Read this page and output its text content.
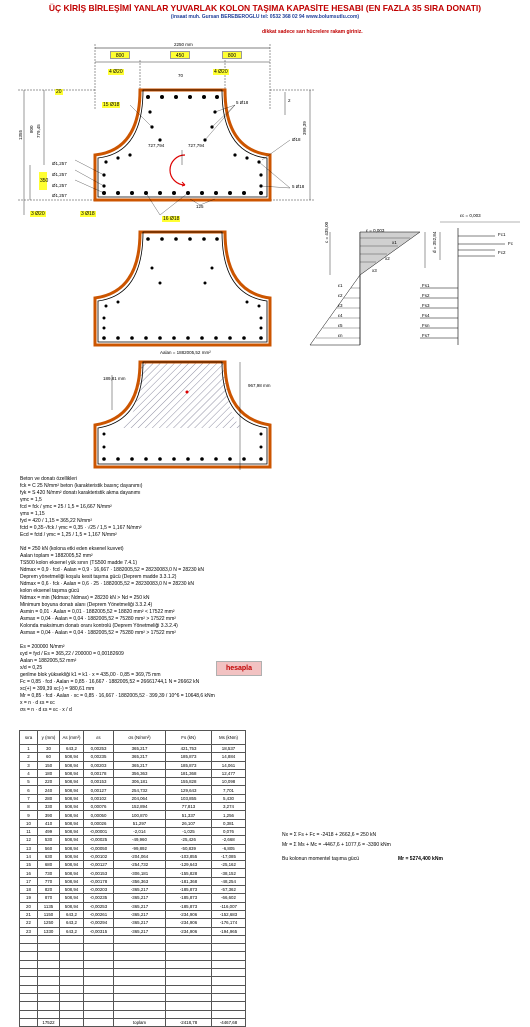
ÜÇ KİRİŞ BİRLEŞİMİ YANLAR YUVARLAK KOLON TAŞIMA KAPASİTE HESABI (EN FAZLA 35 SIRA DONATI)
(insaat muh. Gursan BEREBEROGLU tel: 0532 368 02 94 www.bolumsutlu.com)
dikkat sadece sarı hücrelere rakam giriniz.
2250 mm
800	450	800
4 Ø20	4 Ø20
70
20
15 Ø18	5 Ø18
1355
800 779,45	399,39
2
350
Ø1,257
Ø1,257
Ø1,257
Ø1,257
727,794	727,794
5 Ø18
Ø18
125
3 Ø20	3 Ø18
16 Ø18
ε = 0,003
εc = 0,003
c = 435,00
d = 352,84
x1
x2
x3
Fc1
Fc
Fc2
Fs1
Fs2
Fs3
Fs4
Fsn
Fs7
ε1
ε2
ε3
ε4
ε5
εn
Aalan = 1882005,52 mm²
189,81 mm
967,98 mm
Beton ve donatı özellikleri
fck = C 25 N/mm² beton (karakteristik basınç dayanımı)
fyk = S 420 N/mm² donatı karakteristik akma dayanımı
γmc = 1,5
fcd = fck / γmc = 25 / 1,5 = 16,667 N/mm²
γms = 1,15
fyd = 420 / 1,15 = 365,22 N/mm²
fctd = 0,35·√fck / γmc = 0,35 · √25 / 1,5 = 1,167 N/mm²
Ecd = fctd / γmc = 1,25 / 1,5 = 1,167 N/mm²
Nd = 250 kN (kolona etki eden eksenel kuvvet)
Aalan toplam = 1882005,52 mm²
TS500 kolon eksenel yük sınırı (TS500 madde 7.4.1)
Ndmax = 0,9 · fcd · Aalan = 0,9 · 16,667 · 1882005,52 = 28230083,0 N = 28230 kN
Deprem yönetmeliği koşulu kesit taşıma gücü (Deprem madde 3.3.1.2)
Ndmax = 0,6 · fck · Aalan = 0,6 · 25 · 1882005,52 = 28230083,0 N = 28230 kN
kolon eksenel taşıma gücü
Ndmax = min (Ndmax; Ndmax) = 28230 kN > Nd = 250 kN
Minimum boyuna donatı alanı (Deprem Yönetmeliği 3.3.2.4)
Asmin = 0,01 · Aalan = 0,01 · 1882005,52 = 18820 mm² < 17522 mm²
Asmax = 0,04 · Aalan = 0,04 · 1882005,52 = 75280 mm² > 17522 mm²
Kolonda maksimum donatı oranı kontrolü (Deprem Yönetmeliği 3.3.2.4)
Asmax = 0,04 · Aalan = 0,04 · 1882005,52 = 75280 mm² > 17522 mm²
Es = 200000 N/mm²
εyd = fyd / Es = 365,22 / 200000 = 0,00182609
Aalan = 1882005,52 mm²
x/d = 0,25
gerilme blok yüksekliği k1 = k1 · x = 435,00 · 0,85 = 369,75 mm
Fc = 0,85 · fcd · Aalan = 0,85 · 16,667 · 1882005,52 = 26661744,1 N = 26662 kN
xc(+) = 399,39 xc(-) = 980,61 mm
Mr = 0,85 · fcd · Aalan · xc = 0,85 · 16,667 · 1882005,52 · 399,39 / 10^6 = 10648,6 kNm
x = n · d εs = εc
σs = n · d εs = εc · x / d
hesapla
sıra	y (mm)	As (mm²)	εs	σs (N/mm²)	Fs (kN)	Ms (kNm)
1	30	643,2	0,00253	365,217	421,753	18,537
2	60	508,94	0,00235	365,217	185,873	14,884
3	150	508,94	0,00203	365,217	185,873	14,061
4	180	508,94	0,00178	356,363	181,368	12,477
5	220	508,94	0,00153	306,181	155,828	10,098
6	240	508,94	0,00127	254,732	129,643	7,701
7	280	508,94	0,00102	204,064	103,855	5,430
8	330	508,94	0,00076	152,894	77,813	3,274
9	390	508,94	0,00050	100,870	51,337	1,256
10	410	508,94	0,00026	51,297	26,107	0,381
11	499	508,94	-0,00001	-2,014	-1,025	0,076
12	530	508,94	-0,00025	-49,960	-25,426	-2,668
13	560	508,94	-0,00050	-99,892	-50,839	-6,805
14	630	508,94	-0,00102	-204,064	-103,855	-17,085
15	680	508,94	-0,00127	-254,732	-129,643	-25,162
16	730	508,94	-0,00153	-306,181	-155,828	-38,152
17	770	508,94	-0,00178	-356,363	-181,368	-48,254
18	820	508,94	-0,00203	-365,217	-185,873	-57,362
19	870	508,94	-0,00235	-365,217	-185,873	-66,602
20	1135	508,94	-0,00253	-365,217	-185,873	-116,007
21	1150	643,2	-0,00261	-365,217	-234,906	-152,683
22	1250	643,2	-0,00294	-365,217	-234,906	-176,174
23	1330	643,2	-0,00315	-365,217	-234,906	-194,965

	17522			toplam	-2418,78	-4467,68
Nx = Σ Fs + Fc = -2418 + 2662,6 = 250 kN
Mr = Σ Ms + Mc = -4467,6 + 1077,6 = -3390 kNm
Bu kolonun momentel taşıma gücü	Mr = 5274,400 kNm
